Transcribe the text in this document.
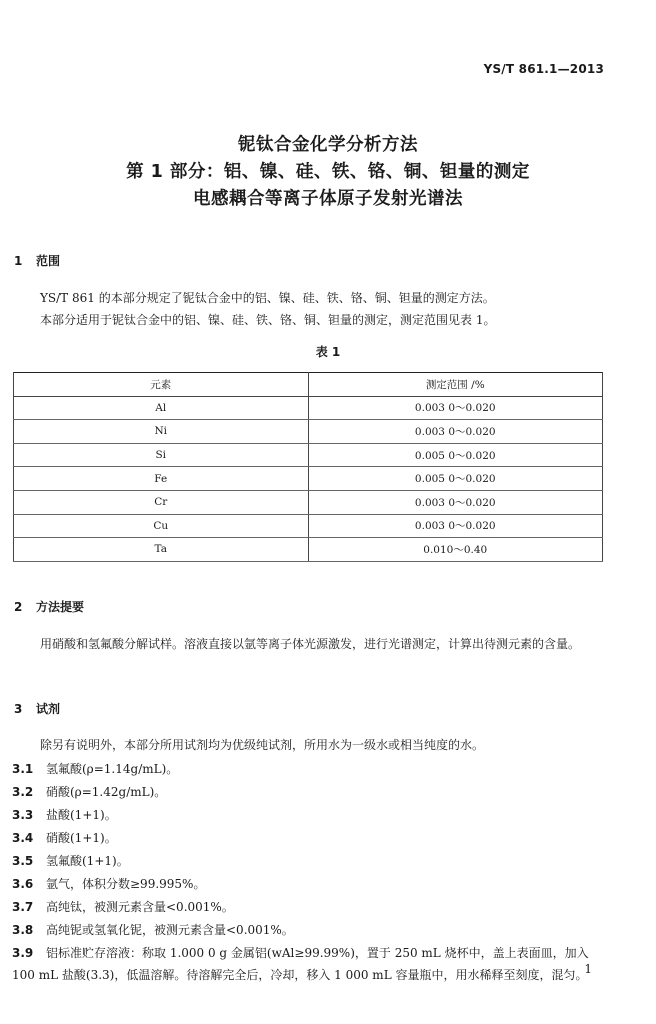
YS/T 861.1—2013
铌钛合金化学分析方法
第 1 部分：铝、镍、硅、铁、铬、铜、钽量的测定
电感耦合等离子体原子发射光谱法
1 范围
YS/T 861 的本部分规定了铌钛合金中的铝、镍、硅、铁、铬、铜、钽量的测定方法。
本部分适用于铌钛合金中的铝、镍、硅、铁、铬、铜、钽量的测定，测定范围见表 1。
表 1
元素	测定范围 /%
Al	0.003 0～0.020
Ni	0.003 0～0.020
Si	0.005 0～0.020
Fe	0.005 0～0.020
Cr	0.003 0～0.020
Cu	0.003 0～0.020
Ta	0.010～0.40
2 方法提要
用硝酸和氢氟酸分解试样。溶液直接以氩等离子体光源激发，进行光谱测定，计算出待测元素的含量。
3 试剂
除另有说明外，本部分所用试剂均为优级纯试剂，所用水为一级水或相当纯度的水。
3.1 氢氟酸(ρ=1.14g/mL)。
3.2 硝酸(ρ=1.42g/mL)。
3.3 盐酸(1+1)。
3.4 硝酸(1+1)。
3.5 氢氟酸(1+1)。
3.6 氩气，体积分数≥99.995%。
3.7 高纯钛，被测元素含量<0.001%。
3.8 高纯铌或氢氧化铌，被测元素含量<0.001%。
3.9 铝标准贮存溶液：称取 1.000 0 g 金属铝(wAl≥99.99%)，置于 250 mL 烧杯中，盖上表面皿，加入
100 mL 盐酸(3.3)，低温溶解。待溶解完全后，冷却，移入 1 000 mL 容量瓶中，用水稀释至刻度，混匀。
1
